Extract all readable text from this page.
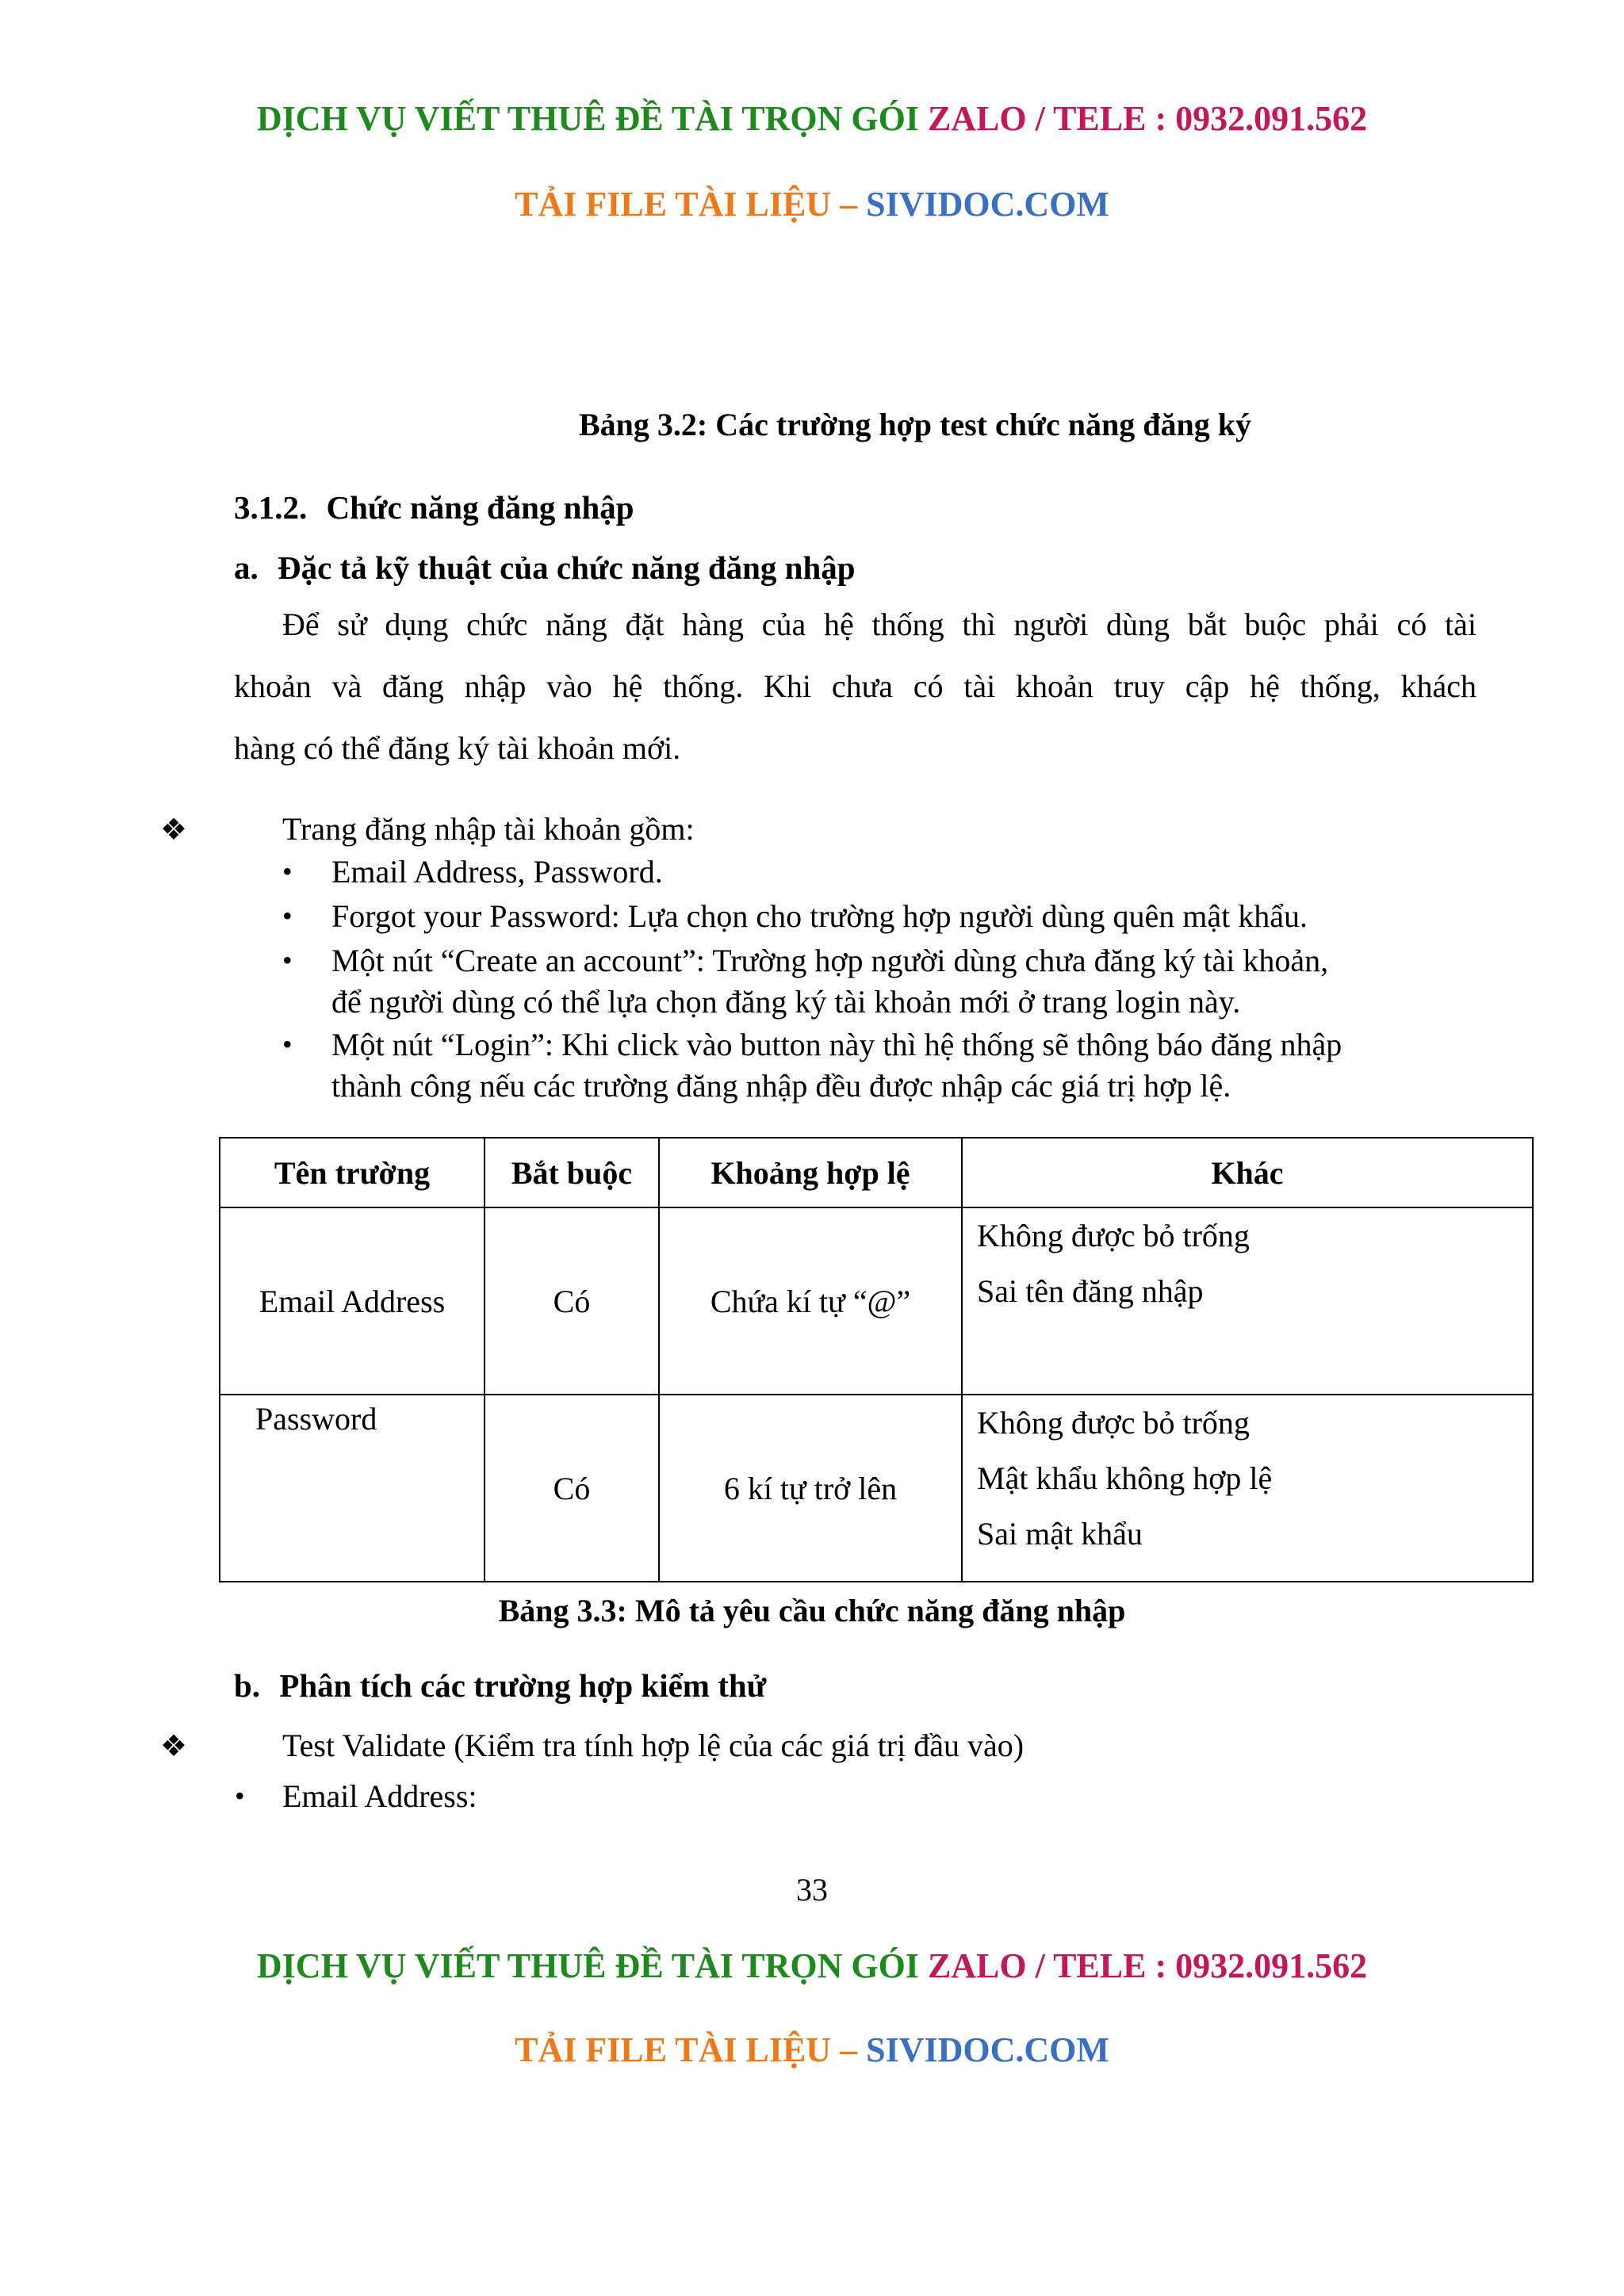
DỊCH VỤ VIẾT THUÊ ĐỀ TÀI TRỌN GÓI ZALO / TELE : 0932.091.562
TẢI FILE TÀI LIỆU – SIVIDOC.COM
Bảng 3.2: Các trường hợp test chức năng đăng ký
3.1.2. Chức năng đăng nhập
a. Đặc tả kỹ thuật của chức năng đăng nhập
Để sử dụng chức năng đặt hàng của hệ thống thì người dùng bắt buộc phải có tài
khoản và đăng nhập vào hệ thống. Khi chưa có tài khoản truy cập hệ thống, khách
hàng có thể đăng ký tài khoản mới.
❖	Trang đăng nhập tài khoản gồm:
• Email Address, Password.
• Forgot your Password: Lựa chọn cho trường hợp người dùng quên mật khẩu.
• Một nút “Create an account”: Trường hợp người dùng chưa đăng ký tài khoản,
để người dùng có thể lựa chọn đăng ký tài khoản mới ở trang login này.
• Một nút “Login”: Khi click vào button này thì hệ thống sẽ thông báo đăng nhập
thành công nếu các trường đăng nhập đều được nhập các giá trị hợp lệ.
Tên trường	Bắt buộc	Khoảng hợp lệ	Khác
Email Address	Có	Chứa kí tự “@”	Không được bỏ trống
Sai tên đăng nhập

Password	Có	6 kí tự trở lên	Không được bỏ trống
Mật khẩu không hợp lệ
Sai mật khẩu
Bảng 3.3: Mô tả yêu cầu chức năng đăng nhập
b. Phân tích các trường hợp kiểm thử
❖	Test Validate (Kiểm tra tính hợp lệ của các giá trị đầu vào)
• Email Address:
33
DỊCH VỤ VIẾT THUÊ ĐỀ TÀI TRỌN GÓI ZALO / TELE : 0932.091.562
TẢI FILE TÀI LIỆU – SIVIDOC.COM
